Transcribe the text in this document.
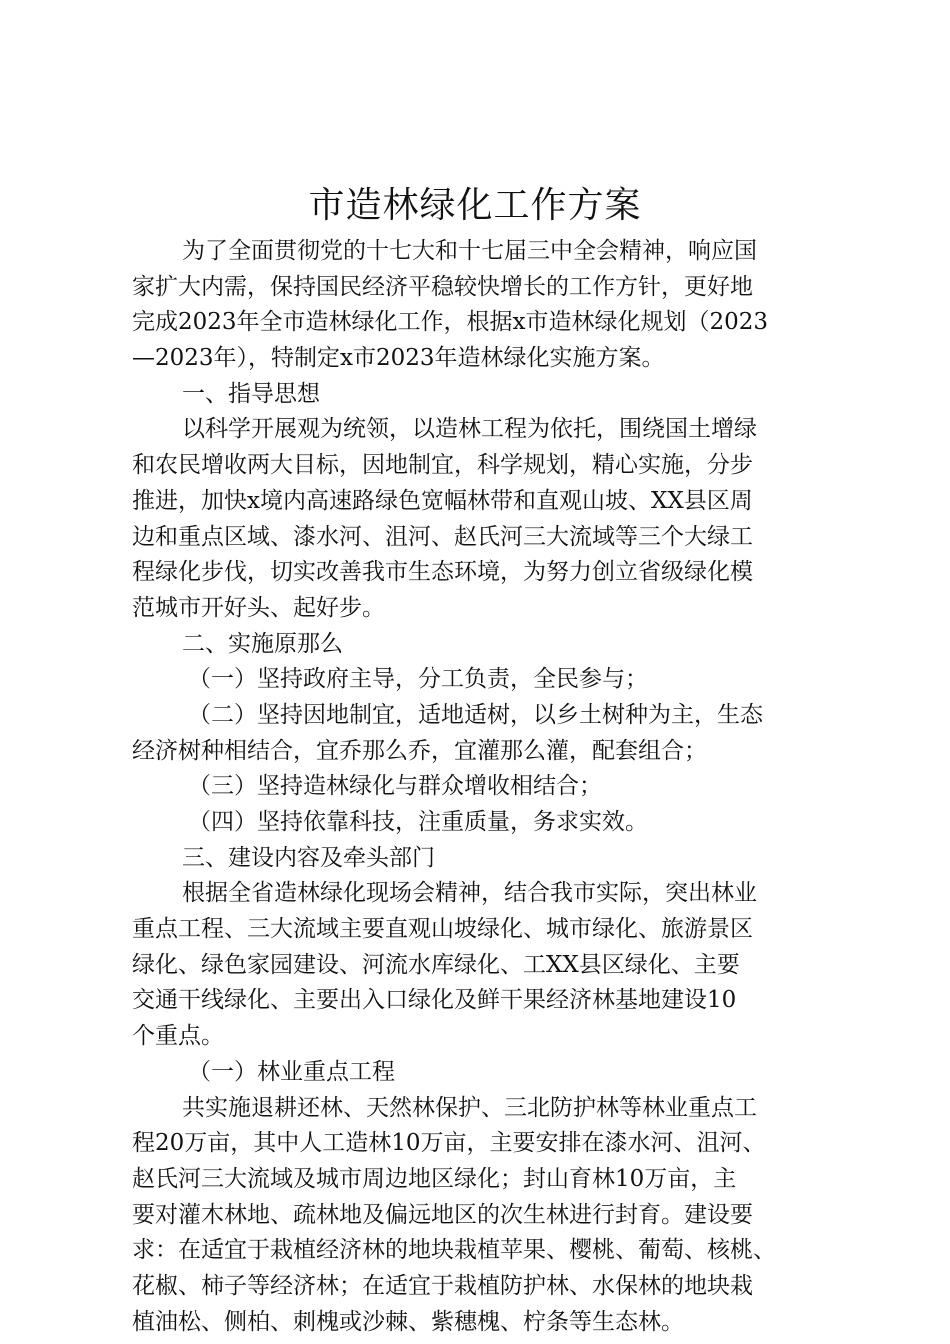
市造林绿化工作方案
为了全面贯彻党的十七大和十七届三中全会精神，响应国
家扩大内需，保持国民经济平稳较快增长的工作方针，更好地
完成2023年全市造林绿化工作，根据x市造林绿化规划（2023
—2023年），特制定x市2023年造林绿化实施方案。
一、指导思想
以科学开展观为统领，以造林工程为依托，围绕国土增绿
和农民增收两大目标，因地制宜，科学规划，精心实施，分步
推进，加快x境内高速路绿色宽幅林带和直观山坡、XX县区周
边和重点区域、漆水河、沮河、赵氏河三大流域等三个大绿工
程绿化步伐，切实改善我市生态环境，为努力创立省级绿化模
范城市开好头、起好步。
二、实施原那么
（一）坚持政府主导，分工负责，全民参与；
（二）坚持因地制宜，适地适树，以乡土树种为主，生态
经济树种相结合，宜乔那么乔，宜灌那么灌，配套组合；
（三）坚持造林绿化与群众增收相结合；
（四）坚持依靠科技，注重质量，务求实效。
三、建设内容及牵头部门
根据全省造林绿化现场会精神，结合我市实际，突出林业
重点工程、三大流域主要直观山坡绿化、城市绿化、旅游景区
绿化、绿色家园建设、河流水库绿化、工XX县区绿化、主要
交通干线绿化、主要出入口绿化及鲜干果经济林基地建设10
个重点。
（一）林业重点工程
共实施退耕还林、天然林保护、三北防护林等林业重点工
程20万亩，其中人工造林10万亩，主要安排在漆水河、沮河、
赵氏河三大流域及城市周边地区绿化；封山育林10万亩，主
要对灌木林地、疏林地及偏远地区的次生林进行封育。建设要
求：在适宜于栽植经济林的地块栽植苹果、樱桃、葡萄、核桃、
花椒、柿子等经济林；在适宜于栽植防护林、水保林的地块栽
植油松、侧柏、刺槐或沙棘、紫穗槐、柠条等生态林。
